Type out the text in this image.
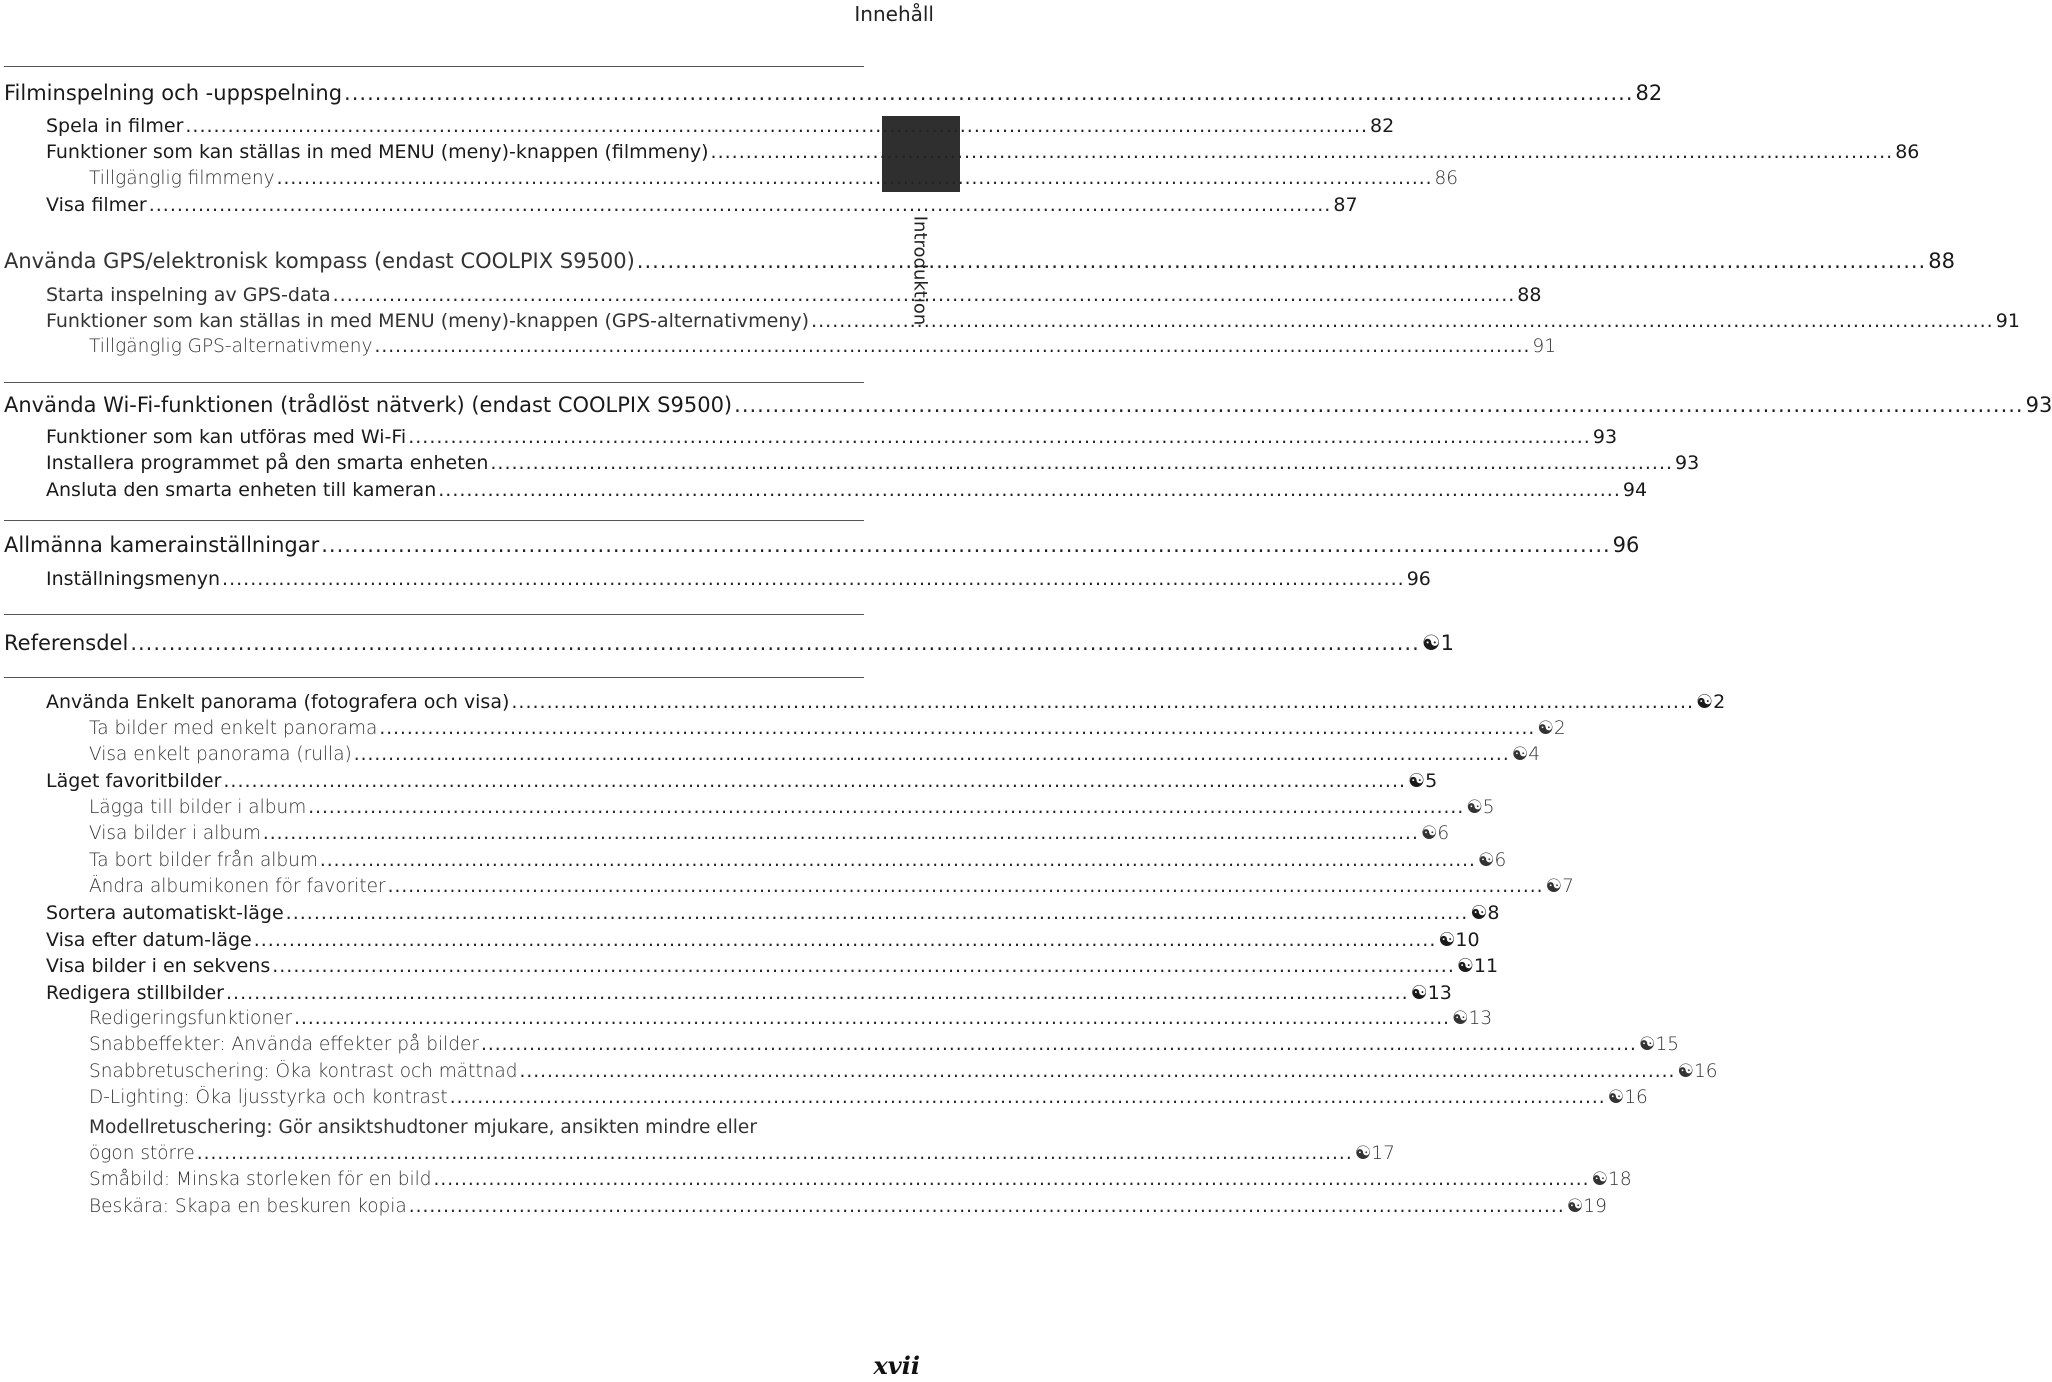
Innehåll
Introduktion
Filminspelning och -uppspelning ........................................................................................................................................................................ 82
Spela in filmer ........................................................................................................................................................................ 82
Funktioner som kan ställas in med MENU (meny)-knappen (filmmeny) ........................................................................................................................................................................ 86
Tillgänglig filmmeny ........................................................................................................................................................................ 86
Visa filmer ........................................................................................................................................................................ 87
Använda GPS/elektronisk kompass (endast COOLPIX S9500) ........................................................................................................................................................................ 88
Starta inspelning av GPS-data ........................................................................................................................................................................ 88
Funktioner som kan ställas in med MENU (meny)-knappen (GPS-alternativmeny) ........................................................................................................................................................................ 91
Tillgänglig GPS-alternativmeny ........................................................................................................................................................................ 91
Använda Wi-Fi-funktionen (trådlöst nätverk) (endast COOLPIX S9500) ........................................................................................................................................................................ 93
Funktioner som kan utföras med Wi-Fi ........................................................................................................................................................................ 93
Installera programmet på den smarta enheten ........................................................................................................................................................................ 93
Ansluta den smarta enheten till kameran ........................................................................................................................................................................ 94
Allmänna kamerainställningar ........................................................................................................................................................................ 96
Inställningsmenyn ........................................................................................................................................................................ 96
Referensdel ........................................................................................................................................................................ ☯1
Använda Enkelt panorama (fotografera och visa) ........................................................................................................................................................................ ☯2
Ta bilder med enkelt panorama ........................................................................................................................................................................ ☯2
Visa enkelt panorama (rulla) ........................................................................................................................................................................ ☯4
Läget favoritbilder ........................................................................................................................................................................ ☯5
Lägga till bilder i album ........................................................................................................................................................................ ☯5
Visa bilder i album ........................................................................................................................................................................ ☯6
Ta bort bilder från album ........................................................................................................................................................................ ☯6
Ändra albumikonen för favoriter ........................................................................................................................................................................ ☯7
Sortera automatiskt-läge ........................................................................................................................................................................ ☯8
Visa efter datum-läge ........................................................................................................................................................................ ☯10
Visa bilder i en sekvens ........................................................................................................................................................................ ☯11
Redigera stillbilder ........................................................................................................................................................................ ☯13
Redigeringsfunktioner ........................................................................................................................................................................ ☯13
Snabbeffekter: Använda effekter på bilder ........................................................................................................................................................................ ☯15
Snabbretuschering: Öka kontrast och mättnad ........................................................................................................................................................................ ☯16
D-Lighting: Öka ljusstyrka och kontrast ........................................................................................................................................................................ ☯16
Modellretuschering: Gör ansiktshudtoner mjukare, ansikten mindre eller
ögon större ........................................................................................................................................................................ ☯17
Småbild: Minska storleken för en bild ........................................................................................................................................................................ ☯18
Beskära: Skapa en beskuren kopia ........................................................................................................................................................................ ☯19
xvii
